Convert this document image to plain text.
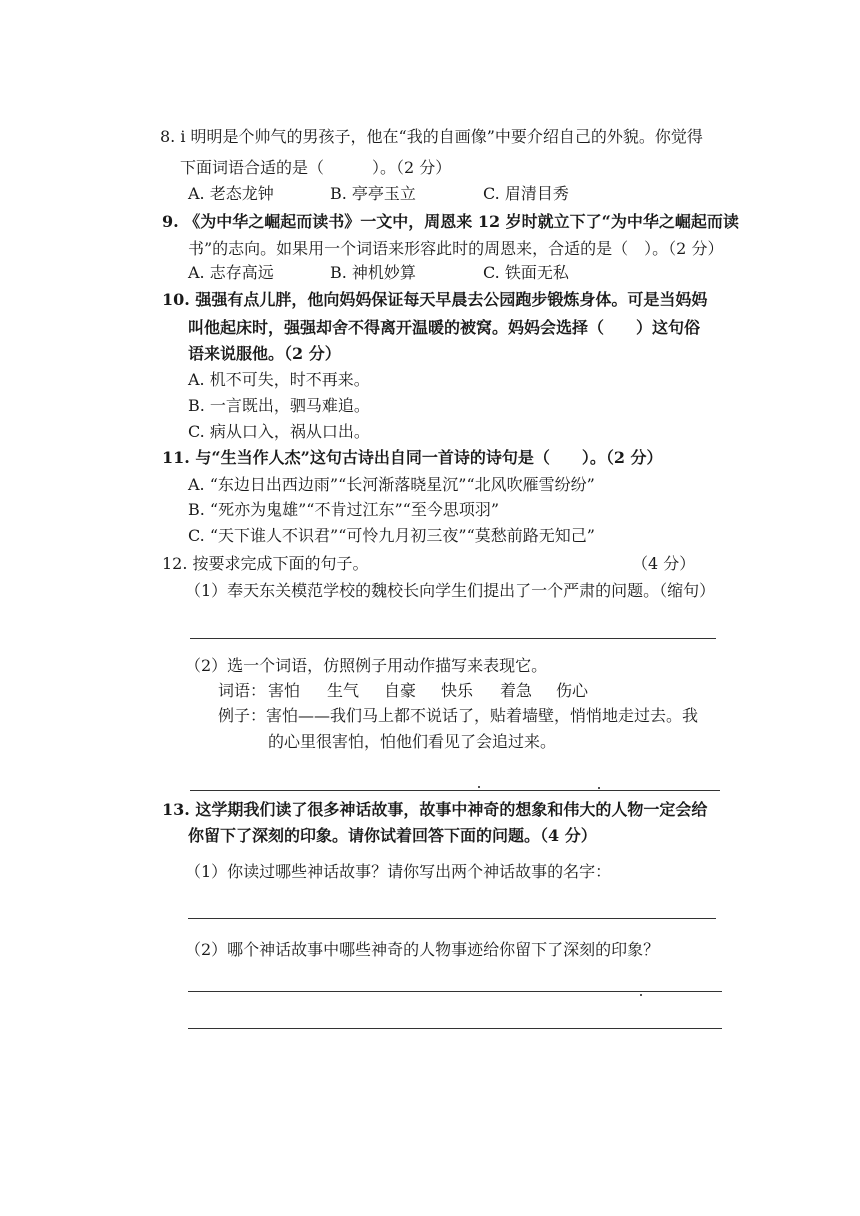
8. ⅰ 明明是个帅气的男孩子，他在“我的自画像”中要介绍自己的外貌。你觉得
下面词语合适的是（　　　）。（2 分）
A. 老态龙钟	B. 亭亭玉立	C. 眉清目秀
9. 《为中华之崛起而读书》一文中，周恩来 12 岁时就立下了“为中华之崛起而读
书”的志向。如果用一个词语来形容此时的周恩来，合适的是（　）。（2 分）
A. 志存高远	B. 神机妙算	C. 铁面无私
10. 强强有点儿胖，他向妈妈保证每天早晨去公园跑步锻炼身体。可是当妈妈
叫他起床时，强强却舍不得离开温暖的被窝。妈妈会选择（　　）这句俗
语来说服他。（2 分）
A. 机不可失，时不再来。
B. 一言既出，驷马难追。
C. 病从口入，祸从口出。
11. 与“生当作人杰”这句古诗出自同一首诗的诗句是（　　）。（2 分）
A. “东边日出西边雨”“长河渐落晓星沉”“北风吹雁雪纷纷”
B. “死亦为鬼雄”“不肯过江东”“至今思项羽”
C. “天下谁人不识君”“可怜九月初三夜”“莫愁前路无知己”
12. 按要求完成下面的句子。	（4 分）
（1）奉天东关模范学校的魏校长向学生们提出了一个严肃的问题。（缩句）
（2）选一个词语，仿照例子用动作描写来表现它。
词语： 害怕 生气 自豪 快乐 着急 伤心
例子：害怕——我们马上都不说话了，贴着墙壁，悄悄地走过去。我
的心里很害怕，怕他们看见了会追过来。
13. 这学期我们读了很多神话故事，故事中神奇的想象和伟大的人物一定会给
你留下了深刻的印象。请你试着回答下面的问题。（4 分）
（1）你读过哪些神话故事？请你写出两个神话故事的名字：
（2）哪个神话故事中哪些神奇的人物事迹给你留下了深刻的印象？
